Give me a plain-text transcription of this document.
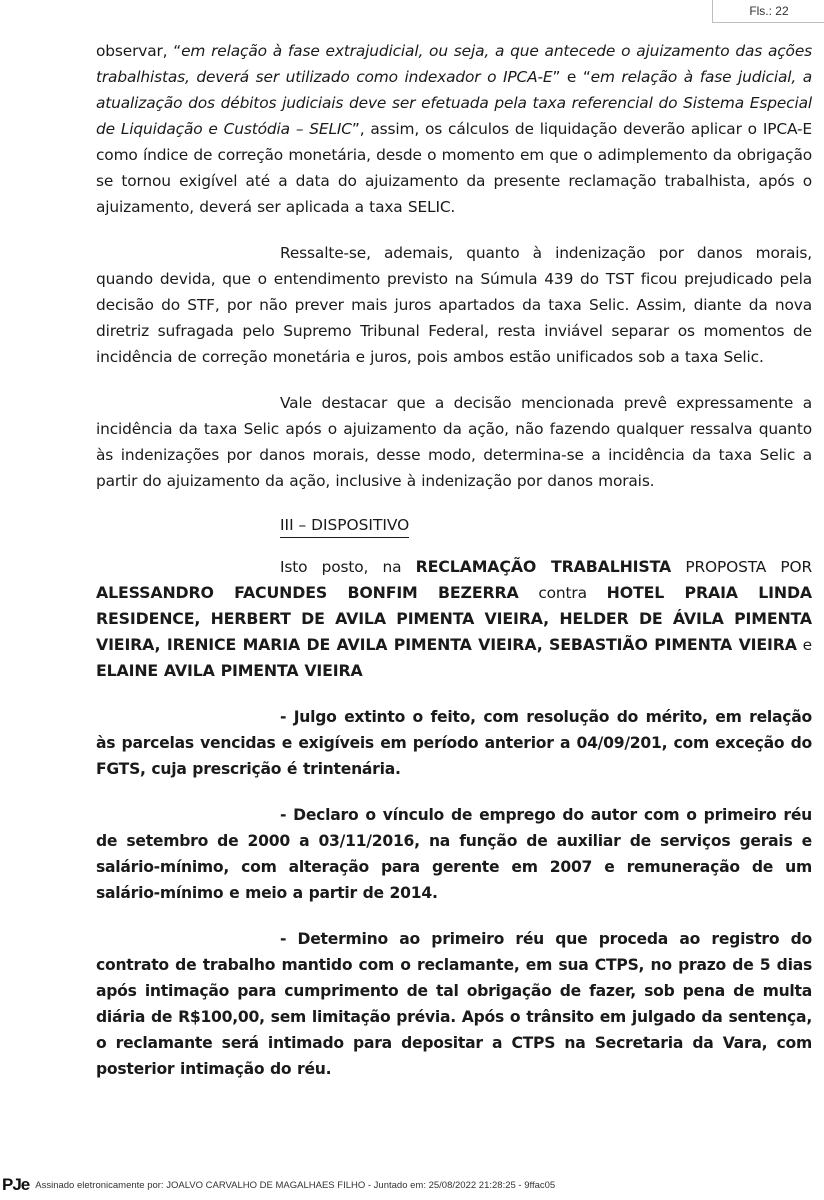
Fls.: 22

observar, “em relação à fase extrajudicial, ou seja, a que antecede o ajuizamento das ações trabalhistas, deverá ser utilizado como indexador o IPCA-E” e “em relação à fase judicial, a atualização dos débitos judiciais deve ser efetuada pela taxa referencial do Sistema Especial de Liquidação e Custódia – SELIC”, assim, os cálculos de liquidação deverão aplicar o IPCA-E como índice de correção monetária, desde o momento em que o adimplemento da obrigação se tornou exigível até a data do ajuizamento da presente reclamação trabalhista, após o ajuizamento, deverá ser aplicada a taxa SELIC.

Ressalte-se, ademais, quanto à indenização por danos morais, quando devida, que o entendimento previsto na Súmula 439 do TST ficou prejudicado pela decisão do STF, por não prever mais juros apartados da taxa Selic. Assim, diante da nova diretriz sufragada pelo Supremo Tribunal Federal, resta inviável separar os momentos de incidência de correção monetária e juros, pois ambos estão unificados sob a taxa Selic.

Vale destacar que a decisão mencionada prevê expressamente a incidência da taxa Selic após o ajuizamento da ação, não fazendo qualquer ressalva quanto às indenizações por danos morais, desse modo, determina-se a incidência da taxa Selic a partir do ajuizamento da ação, inclusive à indenização por danos morais.

III – DISPOSITIVO

Isto posto, na RECLAMAÇÃO TRABALHISTA PROPOSTA POR ALESSANDRO FACUNDES BONFIM BEZERRA contra HOTEL PRAIA LINDA RESIDENCE, HERBERT DE AVILA PIMENTA VIEIRA, HELDER DE ÁVILA PIMENTA VIEIRA, IRENICE MARIA DE AVILA PIMENTA VIEIRA, SEBASTIÃO PIMENTA VIEIRA e ELAINE AVILA PIMENTA VIEIRA

- Julgo extinto o feito, com resolução do mérito, em relação às parcelas vencidas e exigíveis em período anterior a 04/09/201, com exceção do FGTS, cuja prescrição é trintenária.

- Declaro o vínculo de emprego do autor com o primeiro réu de setembro de 2000 a 03/11/2016, na função de auxiliar de serviços gerais e salário-mínimo, com alteração para gerente em 2007 e remuneração de um salário-mínimo e meio a partir de 2014.

- Determino ao primeiro réu que proceda ao registro do contrato de trabalho mantido com o reclamante, em sua CTPS, no prazo de 5 dias após intimação para cumprimento de tal obrigação de fazer, sob pena de multa diária de R$100,00, sem limitação prévia. Após o trânsito em julgado da sentença, o reclamante será intimado para depositar a CTPS na Secretaria da Vara, com posterior intimação do réu.

PJe Assinado eletronicamente por: JOALVO CARVALHO DE MAGALHAES FILHO - Juntado em: 25/08/2022 21:28:25 - 9ffac05
